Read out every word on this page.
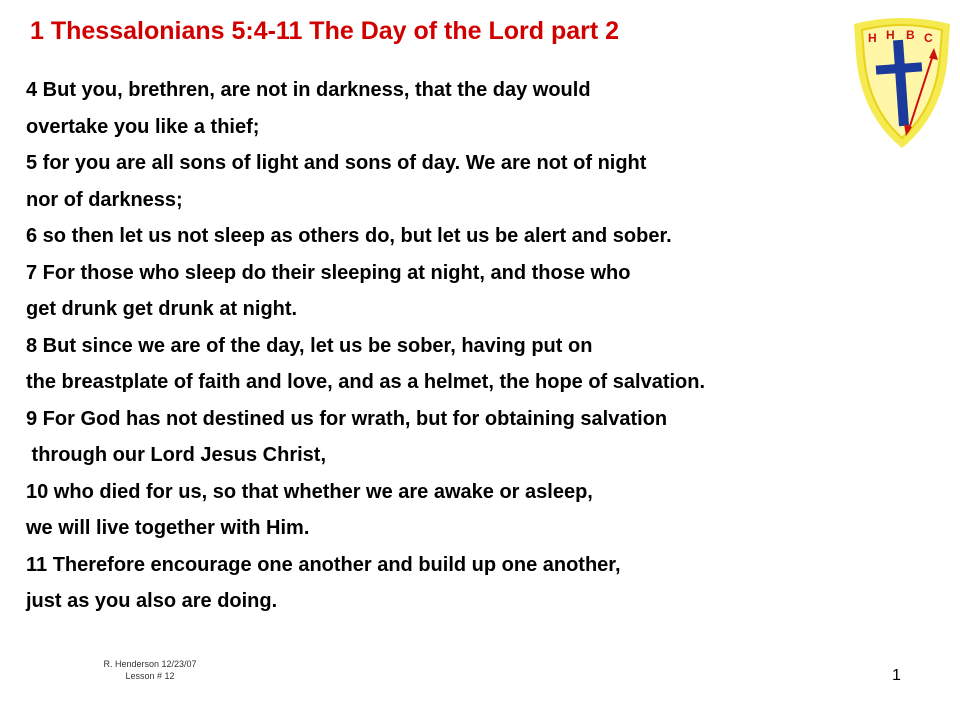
1 Thessalonians 5:4-11 The Day of the Lord part 2
4 But you, brethren, are not in darkness, that the day would
overtake you like a thief;
5 for you are all sons of light and sons of day. We are not of night
nor of darkness;
6 so then let us not sleep as others do, but let us be alert and sober.
7 For those who sleep do their sleeping at night, and those who
get drunk get drunk at night.
8 But since we are of the day, let us be sober, having put on
the breastplate of faith and love, and as a helmet, the hope of salvation.
9 For God has not destined us for wrath, but for obtaining salvation
through our Lord Jesus Christ,
10 who died for us, so that whether we are awake or asleep,
we will live together with Him.
11 Therefore encourage one another and build up one another,
just as you also are doing.
H H B C
R. Henderson 12/23/07
Lesson # 12	1
